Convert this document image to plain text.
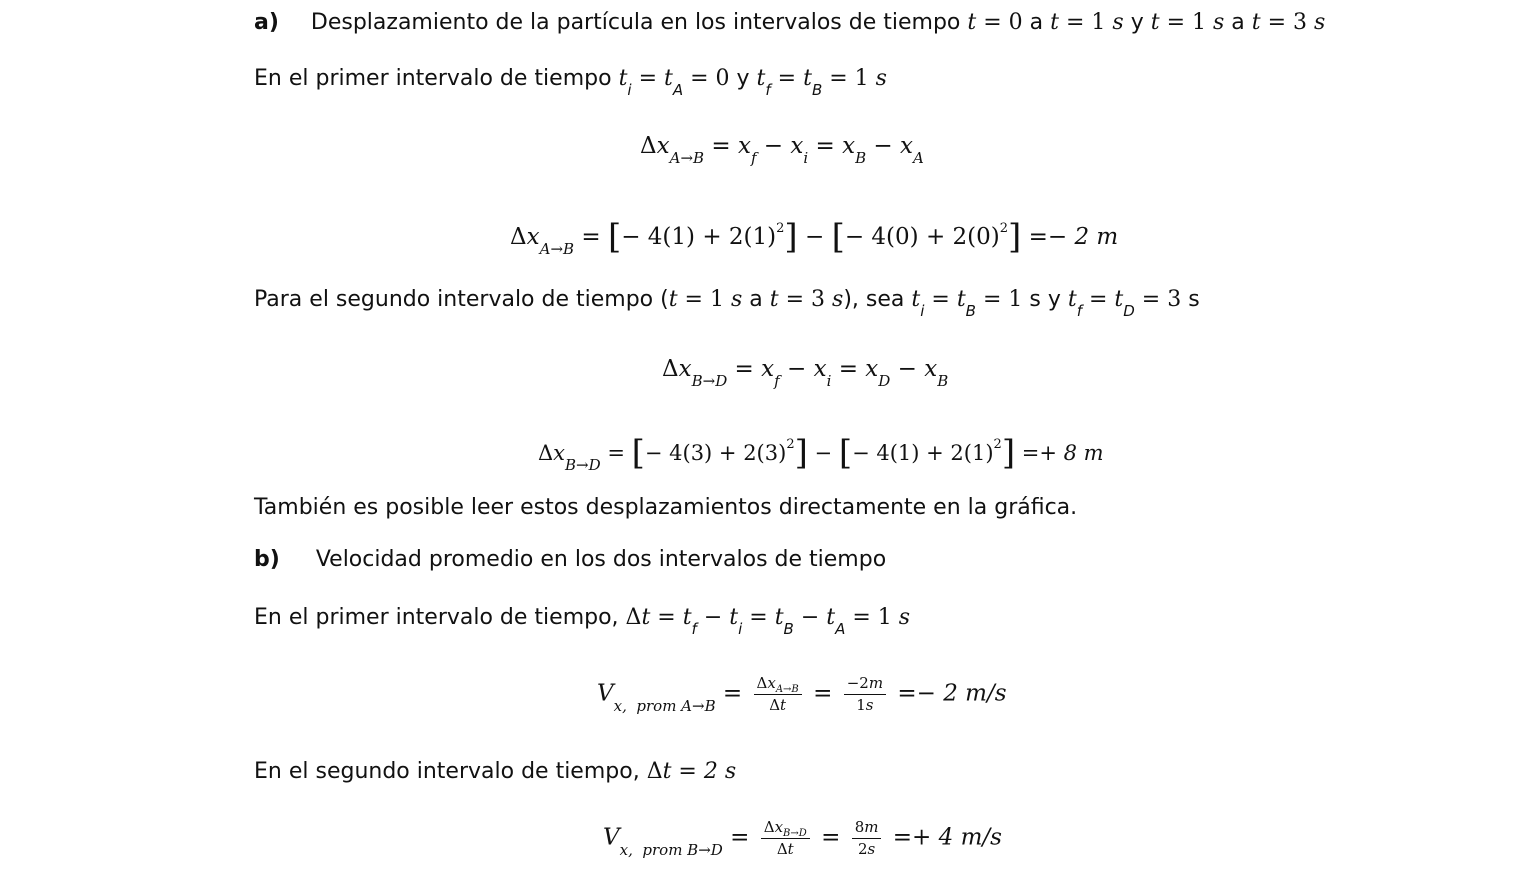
a) Desplazamiento de la partícula en los intervalos de tiempo t = 0 a t = 1 s y t = 1 s a t = 3 s
En el primer intervalo de tiempo $t_i = t_A = 0$ y $t_f = t_B = 1$ s
$\Delta x_{A\to B} = x_f - x_i = x_B - x_A$
$\Delta x_{A\to B}$ = [− $4(1) + 2(1)^2$] − [− $4(0) + 2(0)^2] =- 2$ m
Para el segundo intervalo de tiempo (t = 1 s a t = 3 s), sea $t_i = t_B = 1$ s y $t_f = t_D = 3$ s
$\Delta x_{B\to D} = x_f - x_i = x_D - x_B$
$\Delta x_{B\to D}$ = [− $4(3) + 2(3)^2$] − [− $4(1) + 2(1)^2] =+ 8$ m
También es posible leer estos desplazamientos directamente en la gráfica.
b) Velocidad promedio en los dos intervalos de tiempo
En el primer intervalo de tiempo, $\Delta t = t_f - t_i = t_B - t_A = 1$ s
$V_{x, prom A\to B} = \frac{\Delta x_{A\to B}}{\Delta t} = \frac{-2m}{1s} =- 2$ m/s
En el segundo intervalo de tiempo, Δt = 2 s
$V_{x, prom B\to D} = \frac{\Delta x_{B\to D}}{\Delta t} = \frac{8m}{2s} =+ 4$ m/s
